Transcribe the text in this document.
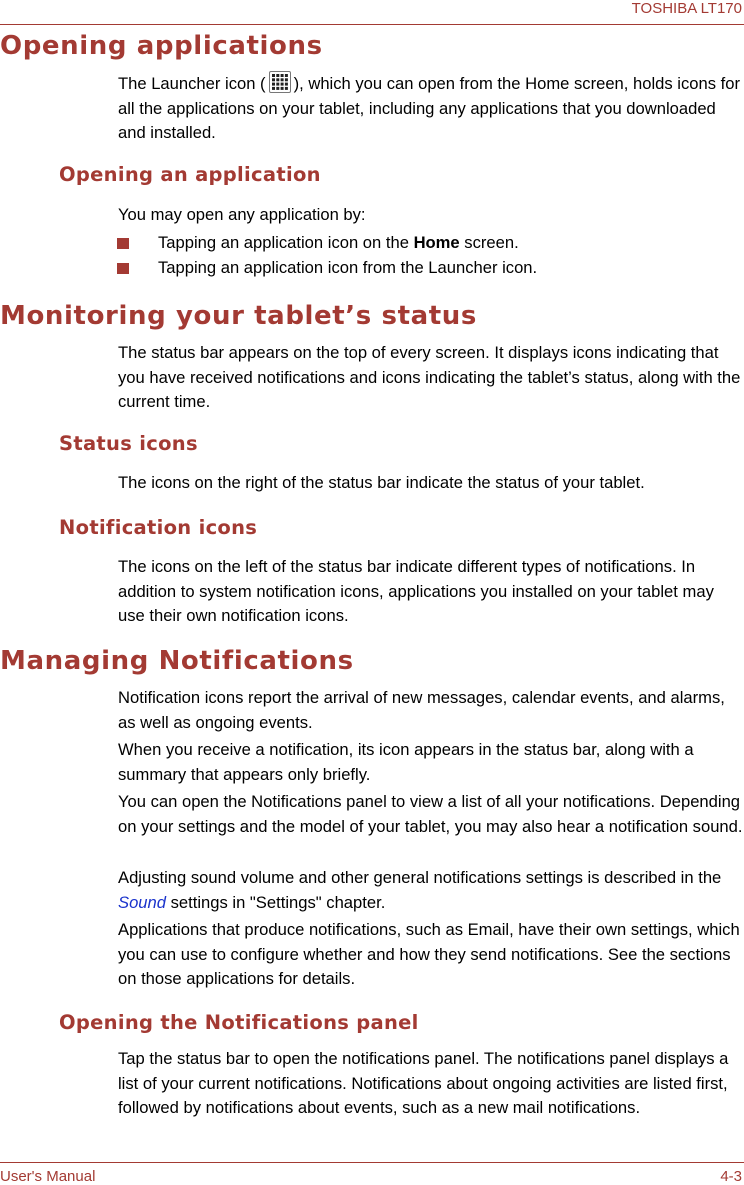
TOSHIBA LT170
Opening applications

The Launcher icon ( ), which you can open from the Home screen, holds icons for all the applications on your tablet, including any applications that you downloaded and installed.

Opening an application

You may open any application by:

Tapping an application icon on the Home screen.

Tapping an application icon from the Launcher icon.

Monitoring your tablet’s status

The status bar appears on the top of every screen. It displays icons indicating that you have received notifications and icons indicating the tablet’s status, along with the current time.

Status icons

The icons on the right of the status bar indicate the status of your tablet.

Notification icons

The icons on the left of the status bar indicate different types of notifications. In addition to system notification icons, applications you installed on your tablet may use their own notification icons.

Managing Notifications

Notification icons report the arrival of new messages, calendar events, and alarms, as well as ongoing events.

When you receive a notification, its icon appears in the status bar, along with a summary that appears only briefly.

You can open the Notifications panel to view a list of all your notifications. Depending on your settings and the model of your tablet, you may also hear a notification sound.

Adjusting sound volume and other general notifications settings is described in the Sound settings in "Settings" chapter.

Applications that produce notifications, such as Email, have their own settings, which you can use to configure whether and how they send notifications. See the sections on those applications for details.

Opening the Notifications panel

Tap the status bar to open the notifications panel. The notifications panel displays a list of your current notifications. Notifications about ongoing activities are listed first, followed by notifications about events, such as a new mail notifications.

User's Manual	4-3
